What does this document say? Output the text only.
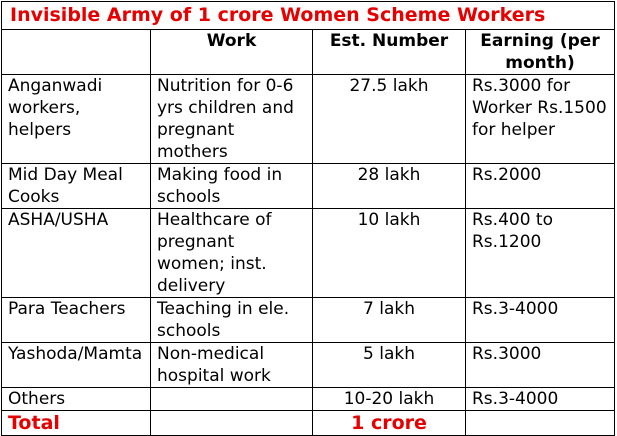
Invisible Army of 1 crore Women Scheme Workers			
	Work	Est. Number	Earning (per month)
Anganwadi workers, helpers	Nutrition for 0-6 yrs children and pregnant mothers	27.5 lakh	Rs.3000 for Worker Rs.1500 for helper
Mid Day Meal Cooks	Making food in schools	28 lakh	Rs.2000
ASHA/USHA	Healthcare of pregnant women; inst. delivery	10 lakh	Rs.400 to Rs.1200
Para Teachers	Teaching in ele. schools	7 lakh	Rs.3-4000
Yashoda/Mamta	Non-medical hospital work	5 lakh	Rs.3000
Others		10-20 lakh	Rs.3-4000
Total		1 crore	
